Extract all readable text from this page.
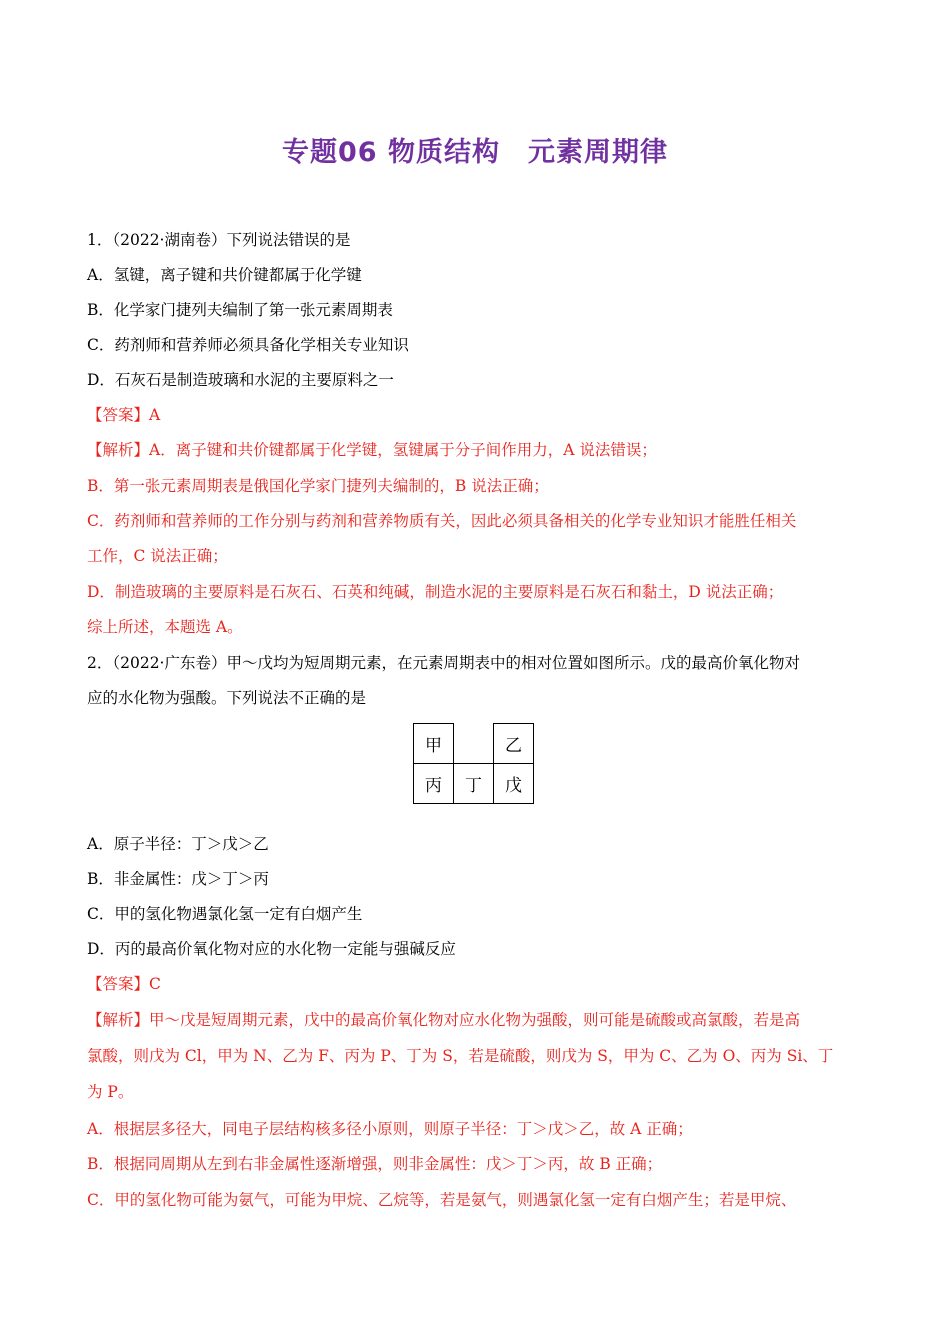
专题06 物质结构　元素周期律
1．（2022·湖南卷）下列说法错误的是
A．氢键，离子键和共价键都属于化学键
B．化学家门捷列夫编制了第一张元素周期表
C．药剂师和营养师必须具备化学相关专业知识
D．石灰石是制造玻璃和水泥的主要原料之一
【答案】A
【解析】A．离子键和共价键都属于化学键，氢键属于分子间作用力，A 说法错误；
B．第一张元素周期表是俄国化学家门捷列夫编制的，B 说法正确；
C．药剂师和营养师的工作分别与药剂和营养物质有关，因此必须具备相关的化学专业知识才能胜任相关
工作，C 说法正确；
D．制造玻璃的主要原料是石灰石、石英和纯碱，制造水泥的主要原料是石灰石和黏土，D 说法正确；
综上所述，本题选 A。
2．（2022·广东卷）甲～戊均为短周期元素，在元素周期表中的相对位置如图所示。戊的最高价氧化物对
应的水化物为强酸。下列说法不正确的是
甲		乙
丙	丁	戊
A．原子半径：丁＞戊＞乙
B．非金属性：戊＞丁＞丙
C．甲的氢化物遇氯化氢一定有白烟产生
D．丙的最高价氧化物对应的水化物一定能与强碱反应
【答案】C
【解析】甲～戊是短周期元素，戊中的最高价氧化物对应水化物为强酸，则可能是硫酸或高氯酸，若是高
氯酸，则戊为 Cl，甲为 N、乙为 F、丙为 P、丁为 S，若是硫酸，则戊为 S，甲为 C、乙为 O、丙为 Si、丁
为 P。
A．根据层多径大，同电子层结构核多径小原则，则原子半径：丁＞戊＞乙，故 A 正确；
B．根据同周期从左到右非金属性逐渐增强，则非金属性：戊＞丁＞丙，故 B 正确；
C．甲的氢化物可能为氨气，可能为甲烷、乙烷等，若是氨气，则遇氯化氢一定有白烟产生；若是甲烷、
